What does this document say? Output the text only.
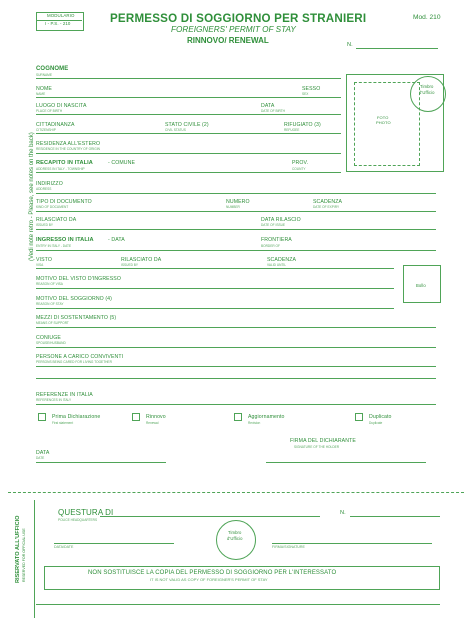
MODULARIO
I - P.S. - 210	PERMESSO DI SOGGIORNO PER STRANIERI
FOREIGNERS' PERMIT OF STAY
RINNOVO/ RENEWAL
Mod. 210
N.
(Vedi note retro - Please, see notes on the back)
Timbro
d'Ufficio
FOTO
PHOTO
Bollo
COGNOME
SURNAME
NOME
NAME
SESSO
SEX
LUOGO DI NASCITA
PLACE OF BIRTH
DATA
DATE OF BIRTH
CITTADINANZA
CITIZENSHIP
STATO CIVILE (2)
CIVIL STATUS
RIFUGIATO (3)
REFUGEE
RESIDENZA ALL'ESTERO
RESIDENCE IN THE COUNTRY OF ORIGIN
RECAPITO IN ITALIA	- COMUNE
ADDRESS IN ITALY - TOWNSHIP
PROV.
COUNTY
INDIRIZZO
ADDRESS
TIPO DI DOCUMENTO
KIND OF DOCUMENT
NUMERO
NUMBER
SCADENZA
DATE OF EXPIRY
RILASCIATO DA
ISSUED BY
DATA RILASCIO
DATE OF ISSUE
INGRESSO IN ITALIA	- DATA
ENTRY IN ITALY - DATE
FRONTIERA
BORDER OF
VISTO
VISA
RILASCIATO DA
ISSUED BY
SCADENZA
VALID UNTIL
MOTIVO DEL VISTO D'INGRESSO
REASON OF VISA
MOTIVO DEL SOGGIORNO (4)
REASON OF STAY
MEZZI DI SOSTENTAMENTO (5)
MEANS OF SUPPORT
CONIUGE
SPOUSE/HUSBAND
PERSONE A CARICO CONVIVENTI
PERSONS BEING CARED FOR LIVING TOGETHER
REFERENZE IN ITALIA
REFERENCES IN ITALY
Prima Dichiarazione
First statement
Rinnovo
Renewal
Aggiornamento
Revision
Duplicato
Duplicate
FIRMA DEL DICHIARANTE
SIGNATURE OF THE HOLDER
DATA
DATE
RISERVATO ALL'UFFICIO RESERVED FOR OFFICIAL USE
QUESTURA DI
POLICE HEADQUARTERS
N.
Timbro
d'Ufficio
DATA/DATE	FIRMA/SIGNATURE
NON SOSTITUISCE LA COPIA DEL PERMESSO DI SOGGIORNO PER L'INTERESSATO
IT IS NOT VALID AS COPY OF FOREIGNER'S PERMIT OF STAY
